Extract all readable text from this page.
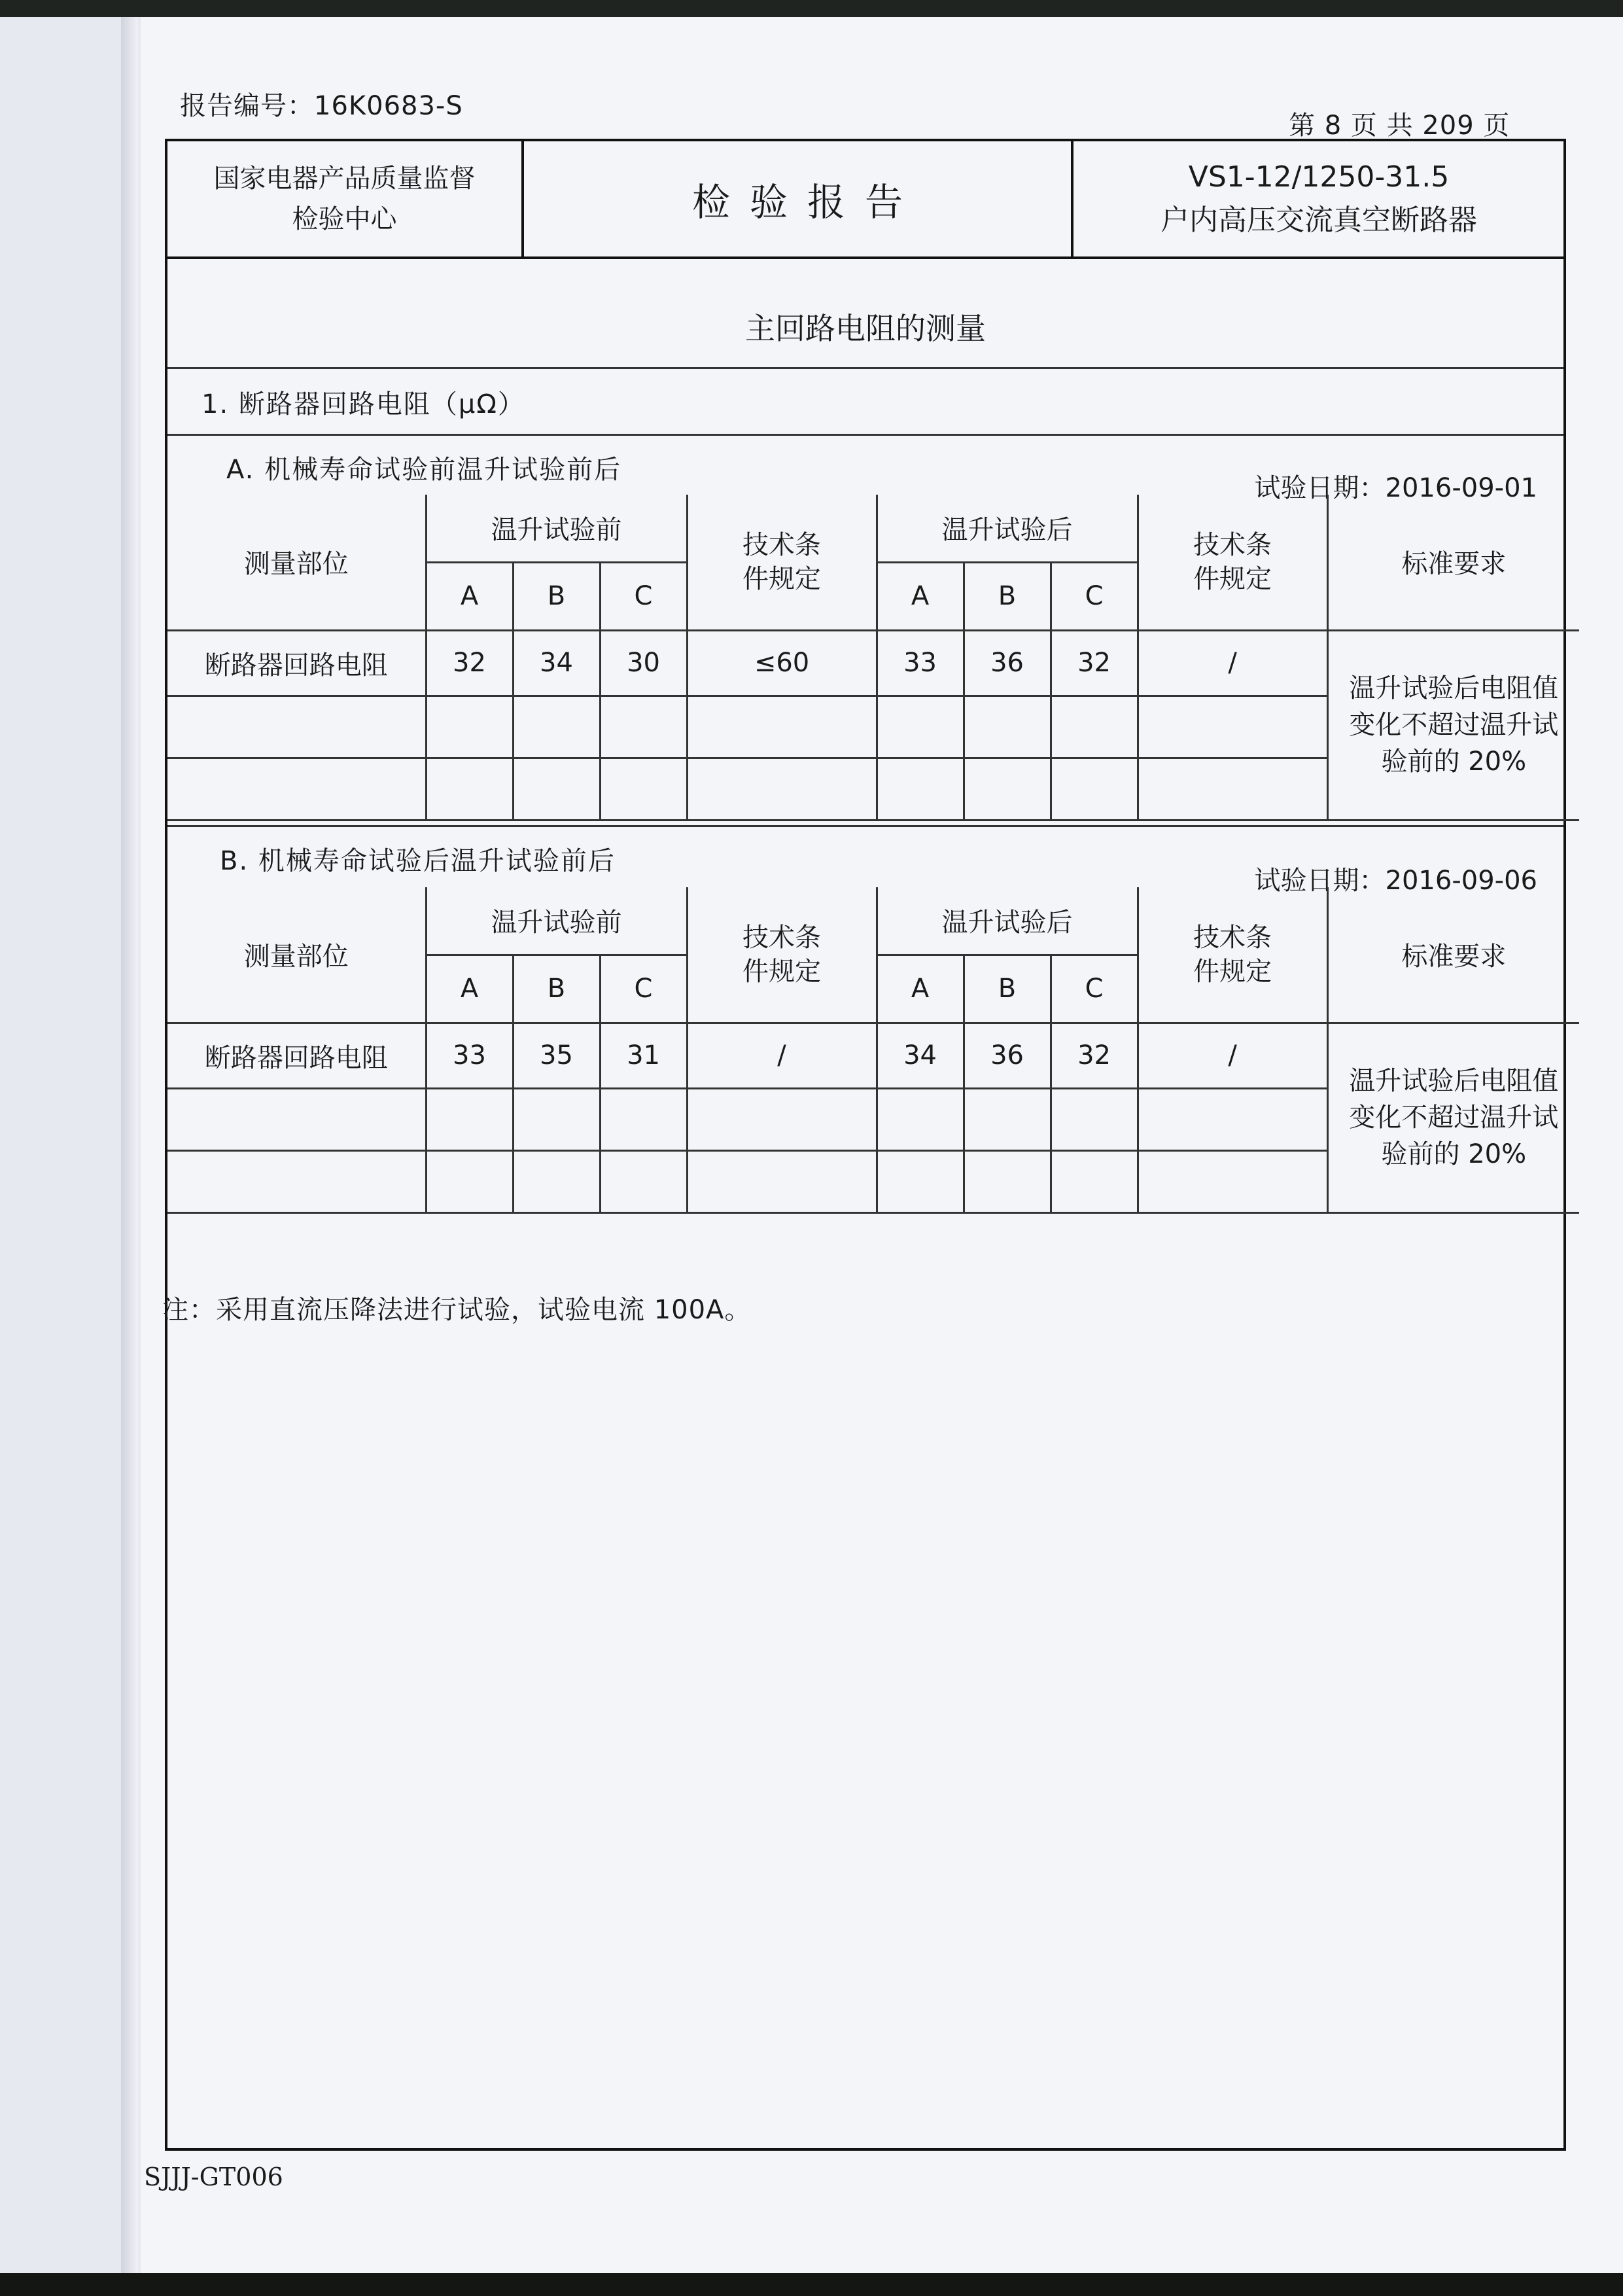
报告编号：16K0683-S
第 8 页 共 209 页
国家电器产品质量监督
检验中心	检验报告
VS1-12/1250-31.5
户内高压交流真空断路器
主回路电阻的测量
1. 断路器回路电阻（μΩ）
A. 机械寿命试验前温升试验前后
试验日期：2016-09-01
测量部位	温升试验前			技术条件规定	温升试验后			技术条件规定	标准要求
	A	B	C		A	B	C		
断路器回路电阻	32	34	30	≤60	33	36	32	/	温升试验后电阻值变化不超过温升试验前的 20%

B. 机械寿命试验后温升试验前后
试验日期：2016-09-06
测量部位	温升试验前			技术条件规定	温升试验后			技术条件规定	标准要求
	A	B	C		A	B	C		
断路器回路电阻	33	35	31	/	34	36	32	/	温升试验后电阻值变化不超过温升试验前的 20%

注：采用直流压降法进行试验，试验电流 100A。
SJJJ-GT006
